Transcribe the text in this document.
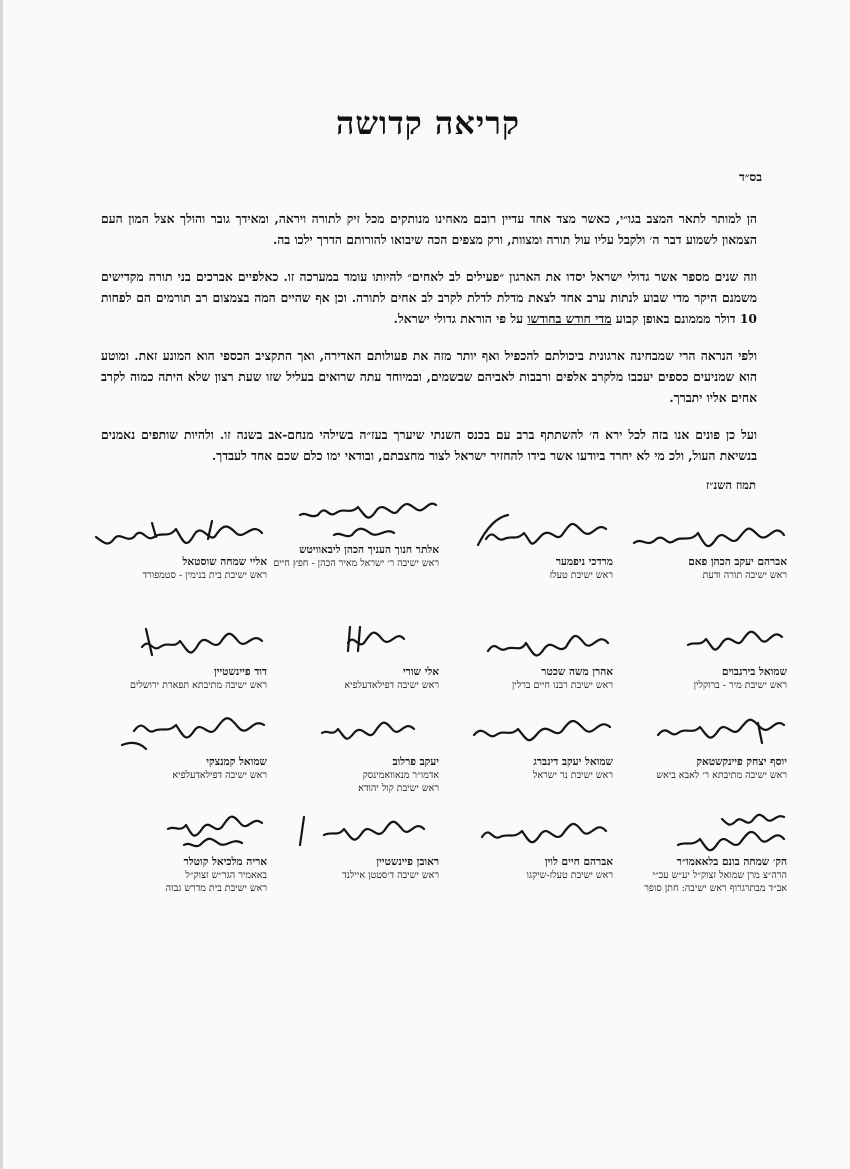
קריאה קדושה
בס״ד

הן למותר לתאר המצב בגו״י, כאשר מצד אחד עדיין רובם מאחינו מנותקים מכל זיק לתורה ויראה, ומאידך גובר והולך אצל המון העם הצמאון לשמוע דבר ה׳ ולקבל עליו עול תורה ומצוות, ורק מצפים הכה שיבואו להורותם הדרך ילכו בה.

וזה שנים מספר אשר גדולי ישראל יסדו את הארגון ״פעילים לב לאחים״ להיותו עומד במערכה זו. כאלפיים אברכים בני תורה מקדישים משמנם היקר מדי שבוע לנתות ערב אחד לצאת מדלת לדלת לקרב לב אחים לתורה. וכן אף שהיים המה בצמצום רב תורמים הם לפחות 10 דולר מממונם באופן קבוע מדי חודש בחודשו על פי הוראת גדולי ישראל.

ולפי הנראה הרי שמבחינה ארגונית ביכולתם להכפיל ואף יותר מזה את פעולותם האדירה, ואך התקציב הכספי הוא המונע זאת. ומוטע הוא שמניעים כספים יעכבו מלקרב אלפים ורבבות לאביהם שבשמים, ובמיוחד עתה שרואים בעליל שזו שעת רצון שלא היתה כמוה לקרב אחים אליו יתברך.

ועל כן פונים אנו בזה לכל ירא ה׳ להשתתף ברב עם בכנס השנתי שיערך בעז״ה בשילהי מנחם-אב בשנה זו. ולהיות שותפים נאמנים בנשיאת העול, ולכ מי לא יחרד ביודעו אשר בידו להחזיר ישראל לצור מחצבתם, ובודאי ימו כלם שכם אחד לעבדך.

תמוז השנ״ז
אליי שמחה שוסטאל
ראש ישיבת בית בנימין - סטמפורד
אלתר חנוך העניך הכהן ליבאוויטש
ראש ישיבה ר׳ ישראל מאיר הכהן - חפץ חיים	מרדכי ניפמער
ראש ישיבת טעלז
אברהם יעקב הכהן פאם
ראש ישיבה תורה ודעת
דוד פיינשטיין
ראש ישיבה מתיבתא תפארת ירושלים
אלי שורי
ראש ישיבה דפילאדעלפיא
אהרן משה שכטר
ראש ישיבת רבנו חיים ברלין
שמואל בירנבוים
ראש ישיבת מיר - ברוקלין
שמואל קמנצקי
ראש ישיבה דפילאדעלפיא
יעקב פרלוב
אדמו״ר מנאוואמינסק
ראש ישיבת קול יהודא
שמואל יעקב דינברג
ראש ישיבת נר ישראל
יוסף יצחק פיינקשטאק
ראש ישיבה מתיבתא ר׳ לאבא ביאש
אריה מלכיאל קוטלר
באאמיר הגר״ש זצוק״ל
ראש ישיבת בית מדרש גבוה
ראובן פיינשטיין
ראש ישיבה ד׳סטטן איילנד
אברהם חיים לוין
ראש ישיבת טעלז-שיקגו
הק׳ שמחה בונם בלאאמו״ר
הרה״צ מרן שמואל זצוק״ל יע״ש עכ״י
אב״ד מבתרגרוף ראש ישיבה: חתן סופר
